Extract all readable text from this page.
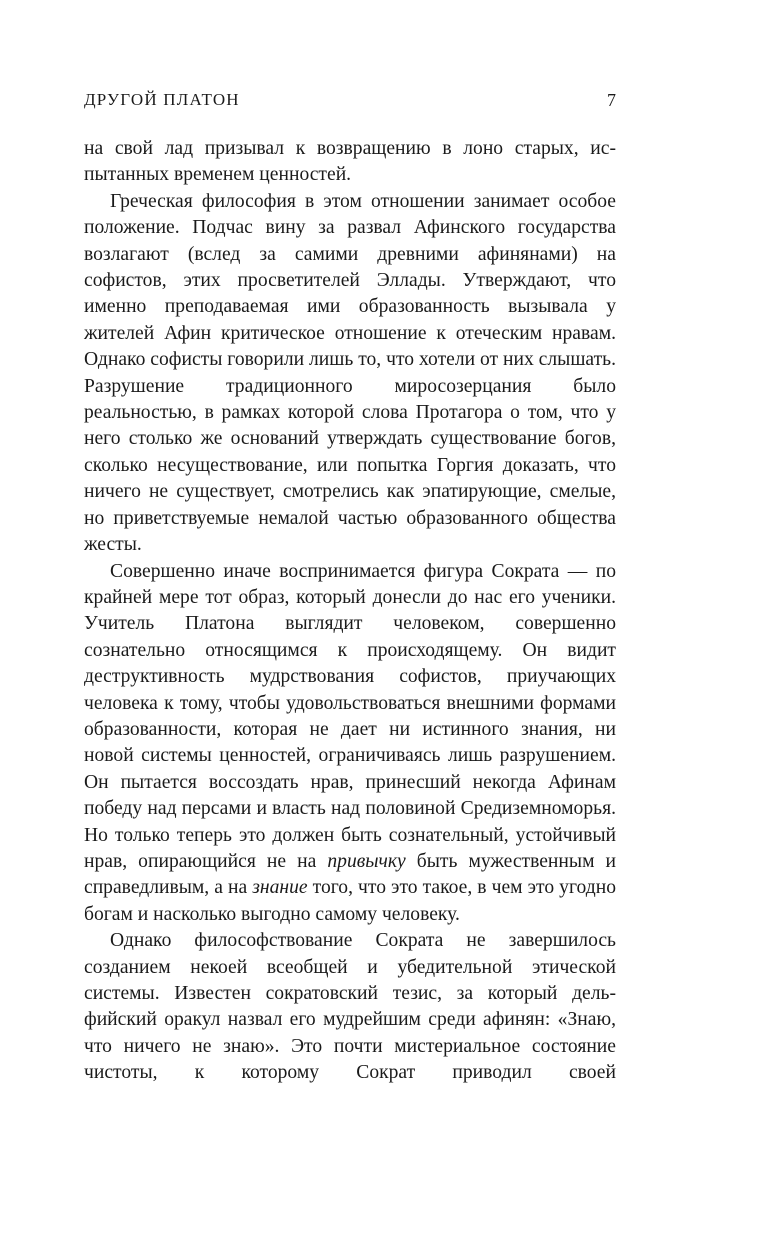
ДРУГОЙ ПЛАТОН	7

на свой лад призывал к возвращению в лоно старых, испытанных временем ценностей.

Греческая философия в этом отношении занимает особое положение. Подчас вину за развал Афинского государства возлагают (вслед за самими древними афинянами) на софистов, этих просветителей Эллады. Утверждают, что именно преподаваемая ими образованность вызывала у жителей Афин критическое отношение к отеческим нравам. Однако софисты говорили лишь то, что хотели от них слышать. Разрушение традиционного миросозерцания было реальностью, в рамках которой слова Протагора о том, что у него столько же оснований утверждать существование богов, сколько несуществование, или попытка Горгия доказать, что ничего не существует, смотрелись как эпатирующие, смелые, но приветствуемые немалой частью образованного общества жесты.

Совершенно иначе воспринимается фигура Сократа — по крайней мере тот образ, который донесли до нас его ученики. Учитель Платона выглядит человеком, совершенно сознательно относящимся к происходящему. Он видит деструктивность мудрствования софистов, приучающих человека к тому, чтобы удовольствоваться внешними формами образованности, которая не дает ни истинного знания, ни новой системы ценностей, ограничиваясь лишь разрушением. Он пытается воссоздать нрав, принесший некогда Афинам победу над персами и власть над половиной Средиземноморья. Но только теперь это должен быть сознательный, устойчивый нрав, опирающийся не на привычку быть мужественным и справедливым, а на знание того, что это такое, в чем это угодно богам и насколько выгодно самому человеку.

Однако философствование Сократа не завершилось созданием некоей всеобщей и убедительной этической системы. Известен сократовский тезис, за который дельфийский оракул назвал его мудрейшим среди афинян: «Знаю, что ничего не знаю». Это почти мистериальное состояние чистоты, к которому Сократ приводил своей
